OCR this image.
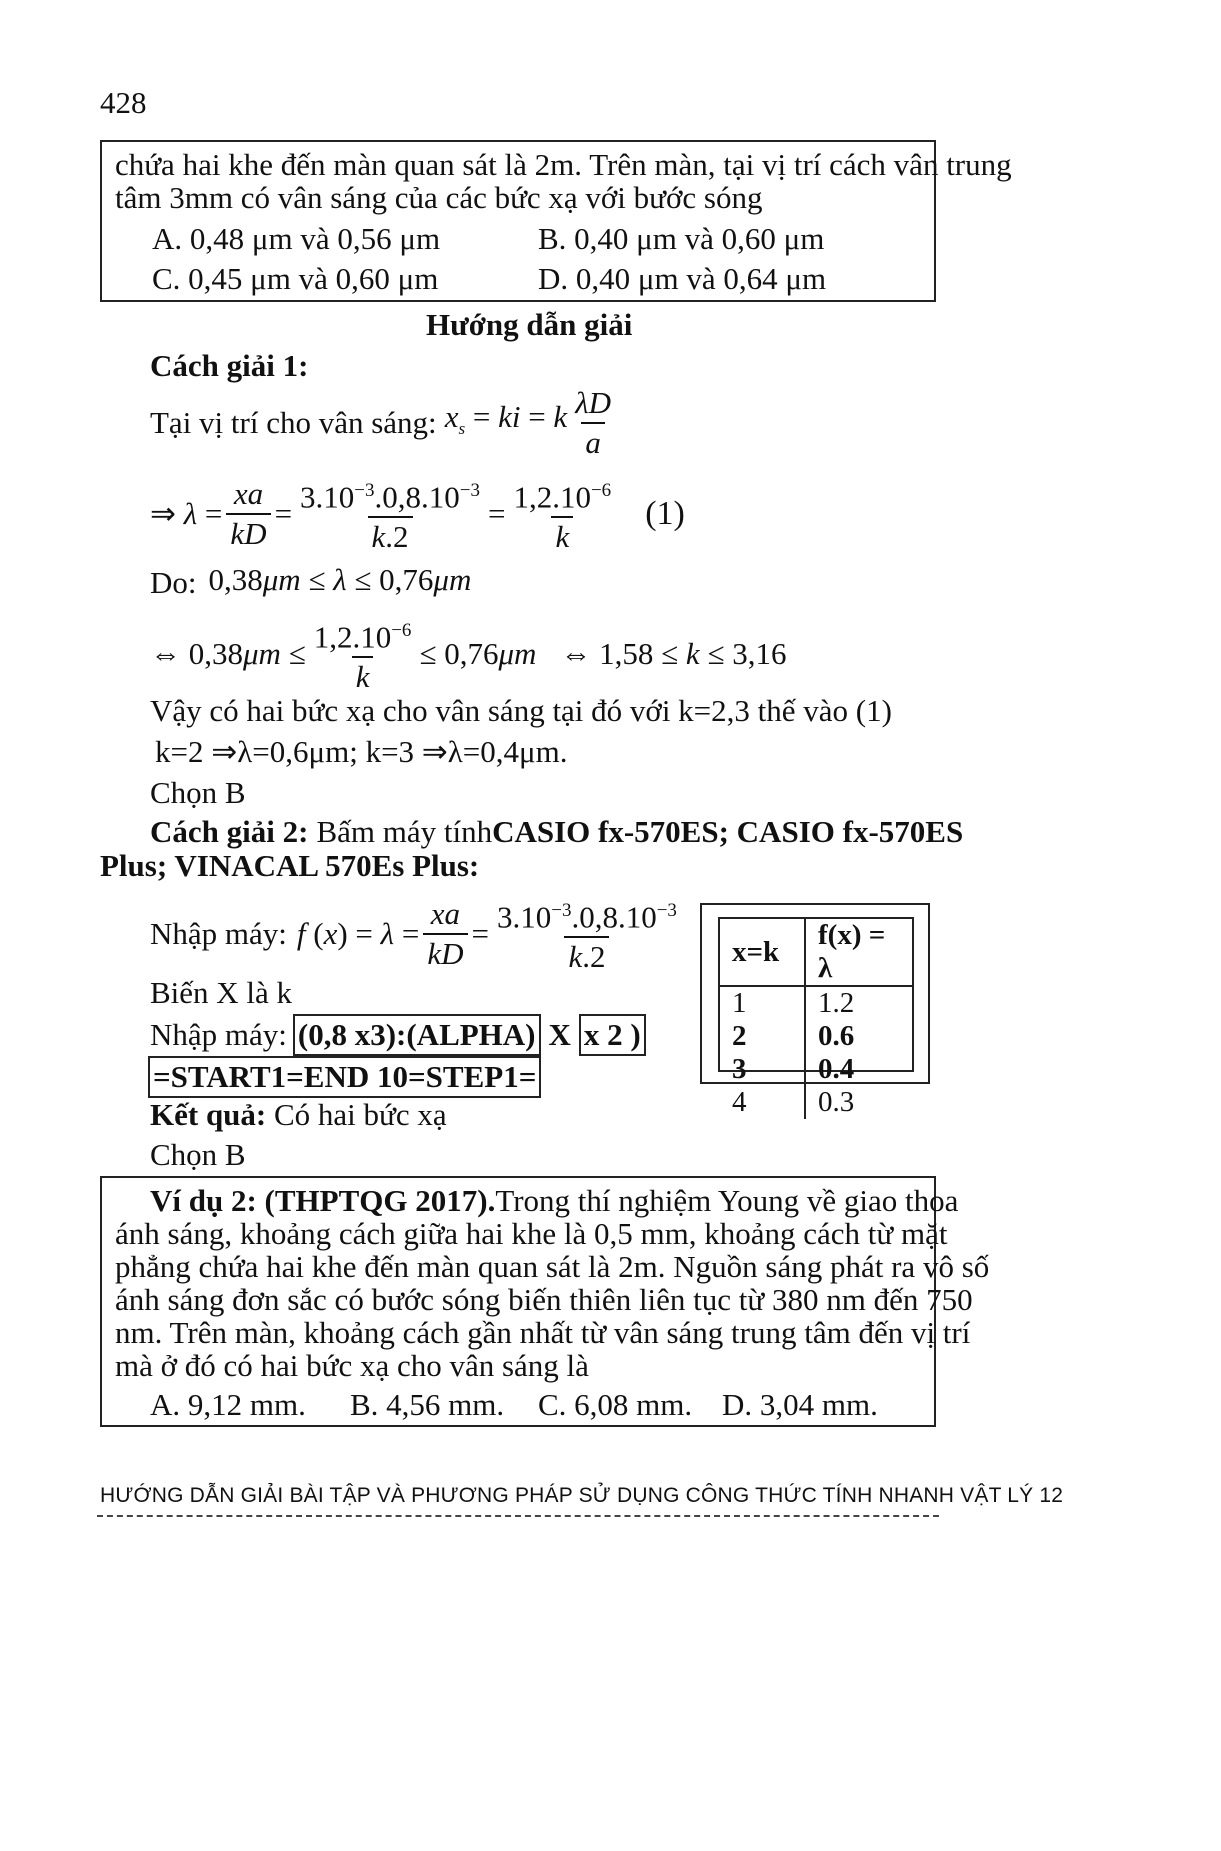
428
chứa hai khe đến màn quan sát là 2m. Trên màn, tại vị trí cách vân trung
tâm 3mm có vân sáng của các bức xạ với bước sóng
A. 0,48 μm và 0,56 μm	B. 0,40 μm và 0,60 μm
C. 0,45 μm và 0,60 μm	D. 0,40 μm và 0,64 μm
Hướng dẫn giải
Cách giải 1:
Tại vị trí cho vân sáng: $x_s$ = ki = k $\frac{\lambda D}{a}$
⇒ $\lambda = \frac{xa}{kD} = \frac{3.10^{-3}.0,8.10^{-3}}{k.2} = \frac{1,2.10^{-6}}{k} (1)$
Do: 0,38μm ≤ λ ≤ 0,76μm
⇔ $0,38\mu m \le \frac{1,2.10^{-6}}{k} \le 0,76\mu m$ ⇔ 1,58 ≤ k ≤ 3,16
Vậy có hai bức xạ cho vân sáng tại đó với k=2,3 thế vào (1)
k=2 ⇒λ=0,6μm; k=3 ⇒λ=0,4μm.
Chọn B
Cách giải 2: Bấm máy tính CASIO fx-570ES; CASIO fx-570ES
Plus; VINACAL 570Es Plus:
Nhập máy: f $(x) = \lambda = \frac{xa}{kD} = \frac{3.10^{-3}.0,8.10^{-3}}{k.2}$
Biến X là k
Nhập máy: (0,8 x3):(ALPHA) X x 2 )
=START1=END 10=STEP1=
Kết quả: Có hai bức xạ
Chọn B
x=k	f(x) = λ
1	1.2
2	0.6
3	0.4
4	0.3
Ví dụ 2: (THPTQG 2017). Trong thí nghiệm Young về giao thoa
ánh sáng, khoảng cách giữa hai khe là 0,5 mm, khoảng cách từ mặt
phẳng chứa hai khe đến màn quan sát là 2m. Nguồn sáng phát ra vô số
ánh sáng đơn sắc có bước sóng biến thiên liên tục từ 380 nm đến 750
nm. Trên màn, khoảng cách gần nhất từ vân sáng trung tâm đến vị trí
mà ở đó có hai bức xạ cho vân sáng là
A. 9,12 mm. B. 4,56 mm. C. 6,08 mm. D. 3,04 mm.
HƯỚNG DẪN GIẢI BÀI TẬP VÀ PHƯƠNG PHÁP SỬ DỤNG CÔNG THỨC TÍNH NHANH VẬT LÝ 12
